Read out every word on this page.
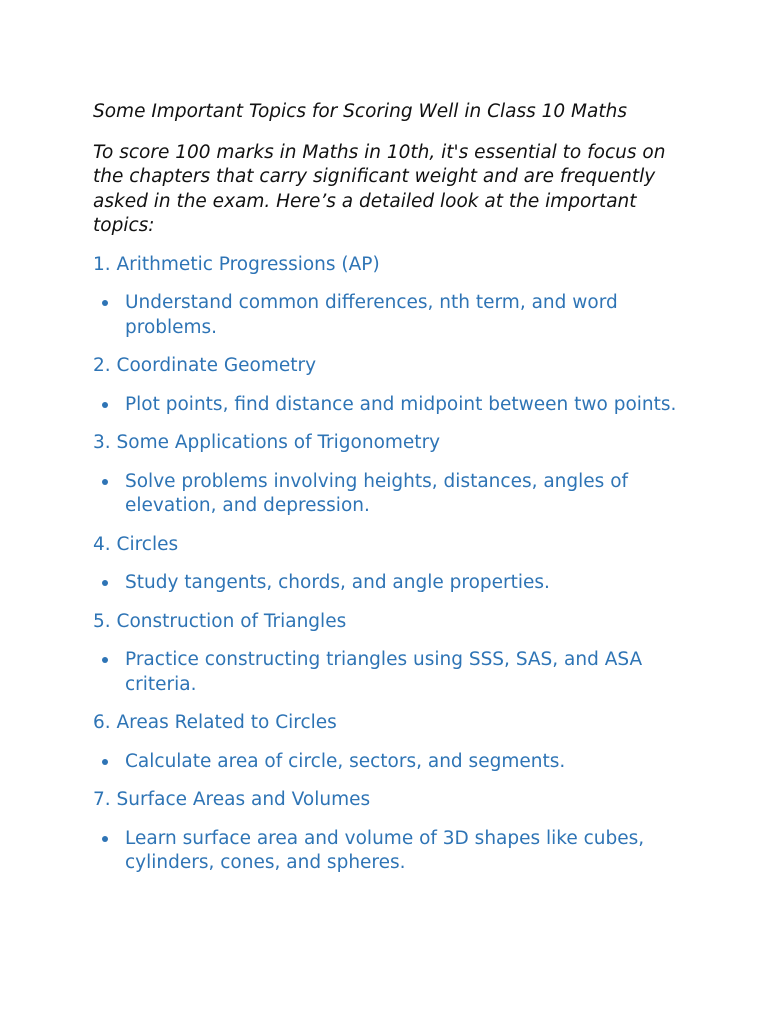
Some Important Topics for Scoring Well in Class 10 Maths

To score 100 marks in Maths in 10th, it's essential to focus on the chapters that carry significant weight and are frequently asked in the exam. Here’s a detailed look at the important topics:

1. Arithmetic Progressions (AP)

Understand common differences, nth term, and word problems.

2. Coordinate Geometry

Plot points, find distance and midpoint between two points.

3. Some Applications of Trigonometry

Solve problems involving heights, distances, angles of elevation, and depression.

4. Circles

Study tangents, chords, and angle properties.

5. Construction of Triangles

Practice constructing triangles using SSS, SAS, and ASA criteria.

6. Areas Related to Circles

Calculate area of circle, sectors, and segments.

7. Surface Areas and Volumes

Learn surface area and volume of 3D shapes like cubes, cylinders, cones, and spheres.
